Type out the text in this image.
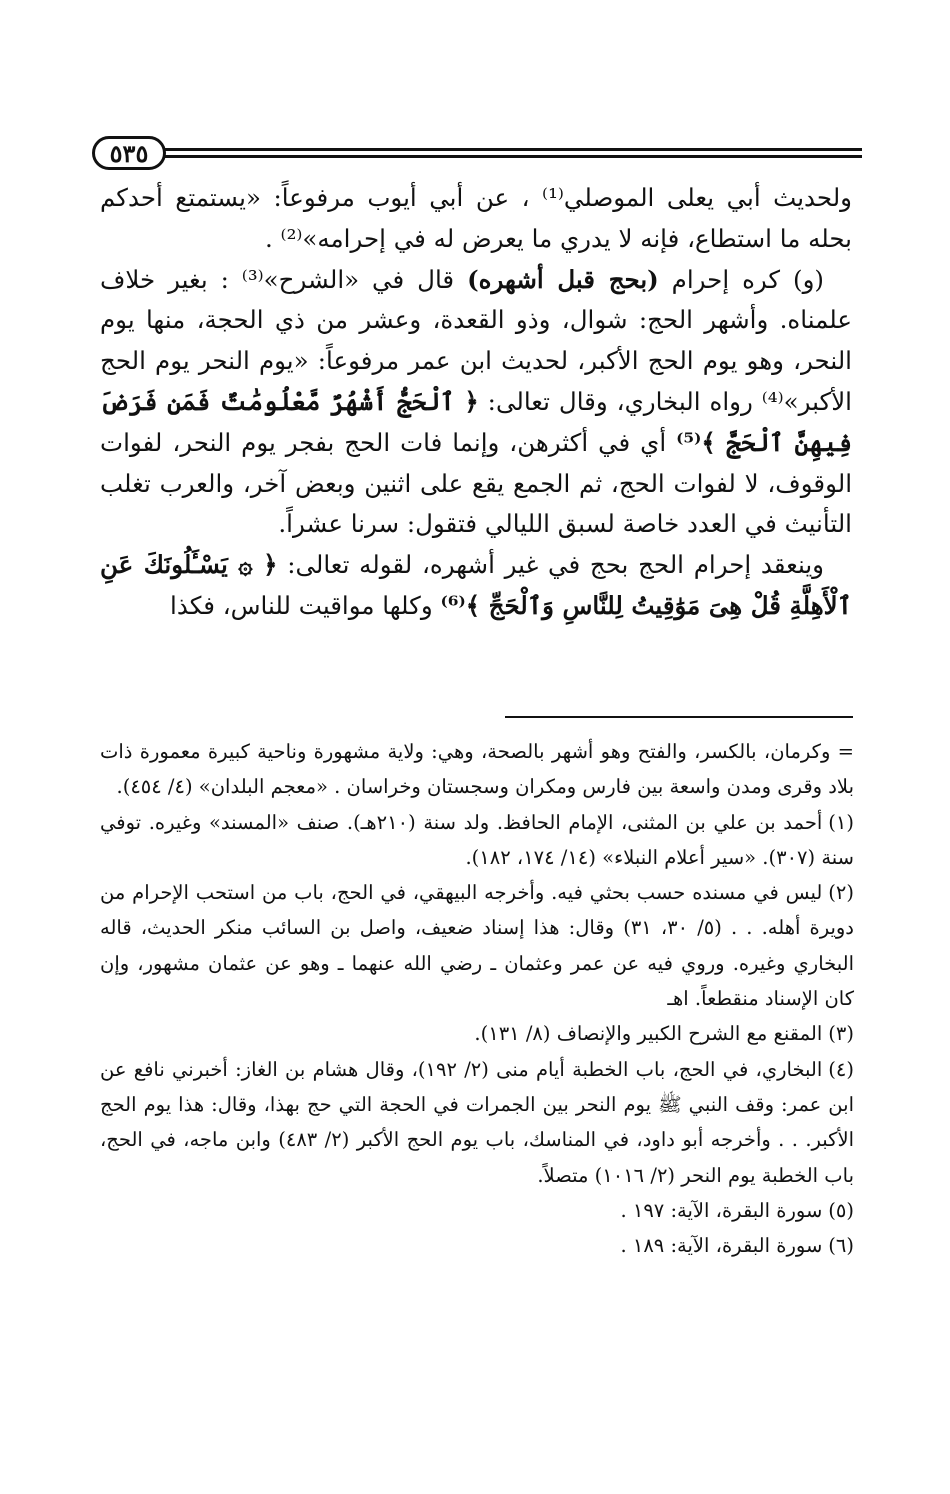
٥٣٥

ولحديث أبي يعلى الموصلي⁽¹⁾ ، عن أبي أيوب مرفوعاً: «يستمتع أحدكم بحله ما استطاع، فإنه لا يدري ما يعرض له في إحرامه»⁽²⁾ .

(و) كره إحرام (بحج قبل أشهره) قال في «الشرح»⁽³⁾ : بغير خلاف علمناه. وأشهر الحج: شوال، وذو القعدة، وعشر من ذي الحجة، منها يوم النحر، وهو يوم الحج الأكبر، لحديث ابن عمر مرفوعاً: «يوم النحر يوم الحج الأكبر»⁽⁴⁾ رواه البخاري، وقال تعالى: ﴿ ٱلْحَجُّ أَشْهُرٌ مَّعْلُومَٰتٌ فَمَن فَرَضَ فِيهِنَّ ٱلْحَجَّ ﴾⁽⁵⁾ أي في أكثرهن، وإنما فات الحج بفجر يوم النحر، لفوات الوقوف، لا لفوات الحج، ثم الجمع يقع على اثنين وبعض آخر، والعرب تغلب التأنيث في العدد خاصة لسبق الليالي فتقول: سرنا عشراً.

وينعقد إحرام الحج بحج في غير أشهره، لقوله تعالى: ﴿ ۞ يَسْـَٔلُونَكَ عَنِ ٱلْأَهِلَّةِ قُلْ هِىَ مَوَٰقِيتُ لِلنَّاسِ وَٱلْحَجِّ ﴾⁽⁶⁾ وكلها مواقيت للناس، فكذا

= وكرمان، بالكسر، والفتح وهو أشهر بالصحة، وهي: ولاية مشهورة وناحية كبيرة معمورة ذات بلاد وقرى ومدن واسعة بين فارس ومكران وسجستان وخراسان . «معجم البلدان» (٤/ ٤٥٤).

(١)أحمد بن علي بن المثنى، الإمام الحافظ. ولد سنة (٢١٠هـ). صنف «المسند» وغيره. توفي سنة (٣٠٧). «سير أعلام النبلاء» (١٤/ ١٧٤، ١٨٢).

(٢)ليس في مسنده حسب بحثي فيه. وأخرجه البيهقي، في الحج، باب من استحب الإحرام من دويرة أهله. . . (٥/ ٣٠، ٣١) وقال: هذا إسناد ضعيف، واصل بن السائب منكر الحديث، قاله البخاري وغيره. وروي فيه عن عمر وعثمان ـ رضي الله عنهما ـ وهو عن عثمان مشهور، وإن كان الإسناد منقطعاً. اهـ

(٣)المقنع مع الشرح الكبير والإنصاف (٨/ ١٣١).

(٤)البخاري، في الحج، باب الخطبة أيام منى (٢/ ١٩٢)، وقال هشام بن الغاز: أخبرني نافع عن ابن عمر: وقف النبي ﷺ يوم النحر بين الجمرات في الحجة التي حج بهذا، وقال: هذا يوم الحج الأكبر. . . وأخرجه أبو داود، في المناسك، باب يوم الحج الأكبر (٢/ ٤٨٣) وابن ماجه، في الحج، باب الخطبة يوم النحر (٢/ ١٠١٦) متصلاً.

(٥)سورة البقرة، الآية: ١٩٧ .

(٦)سورة البقرة، الآية: ١٨٩ .
